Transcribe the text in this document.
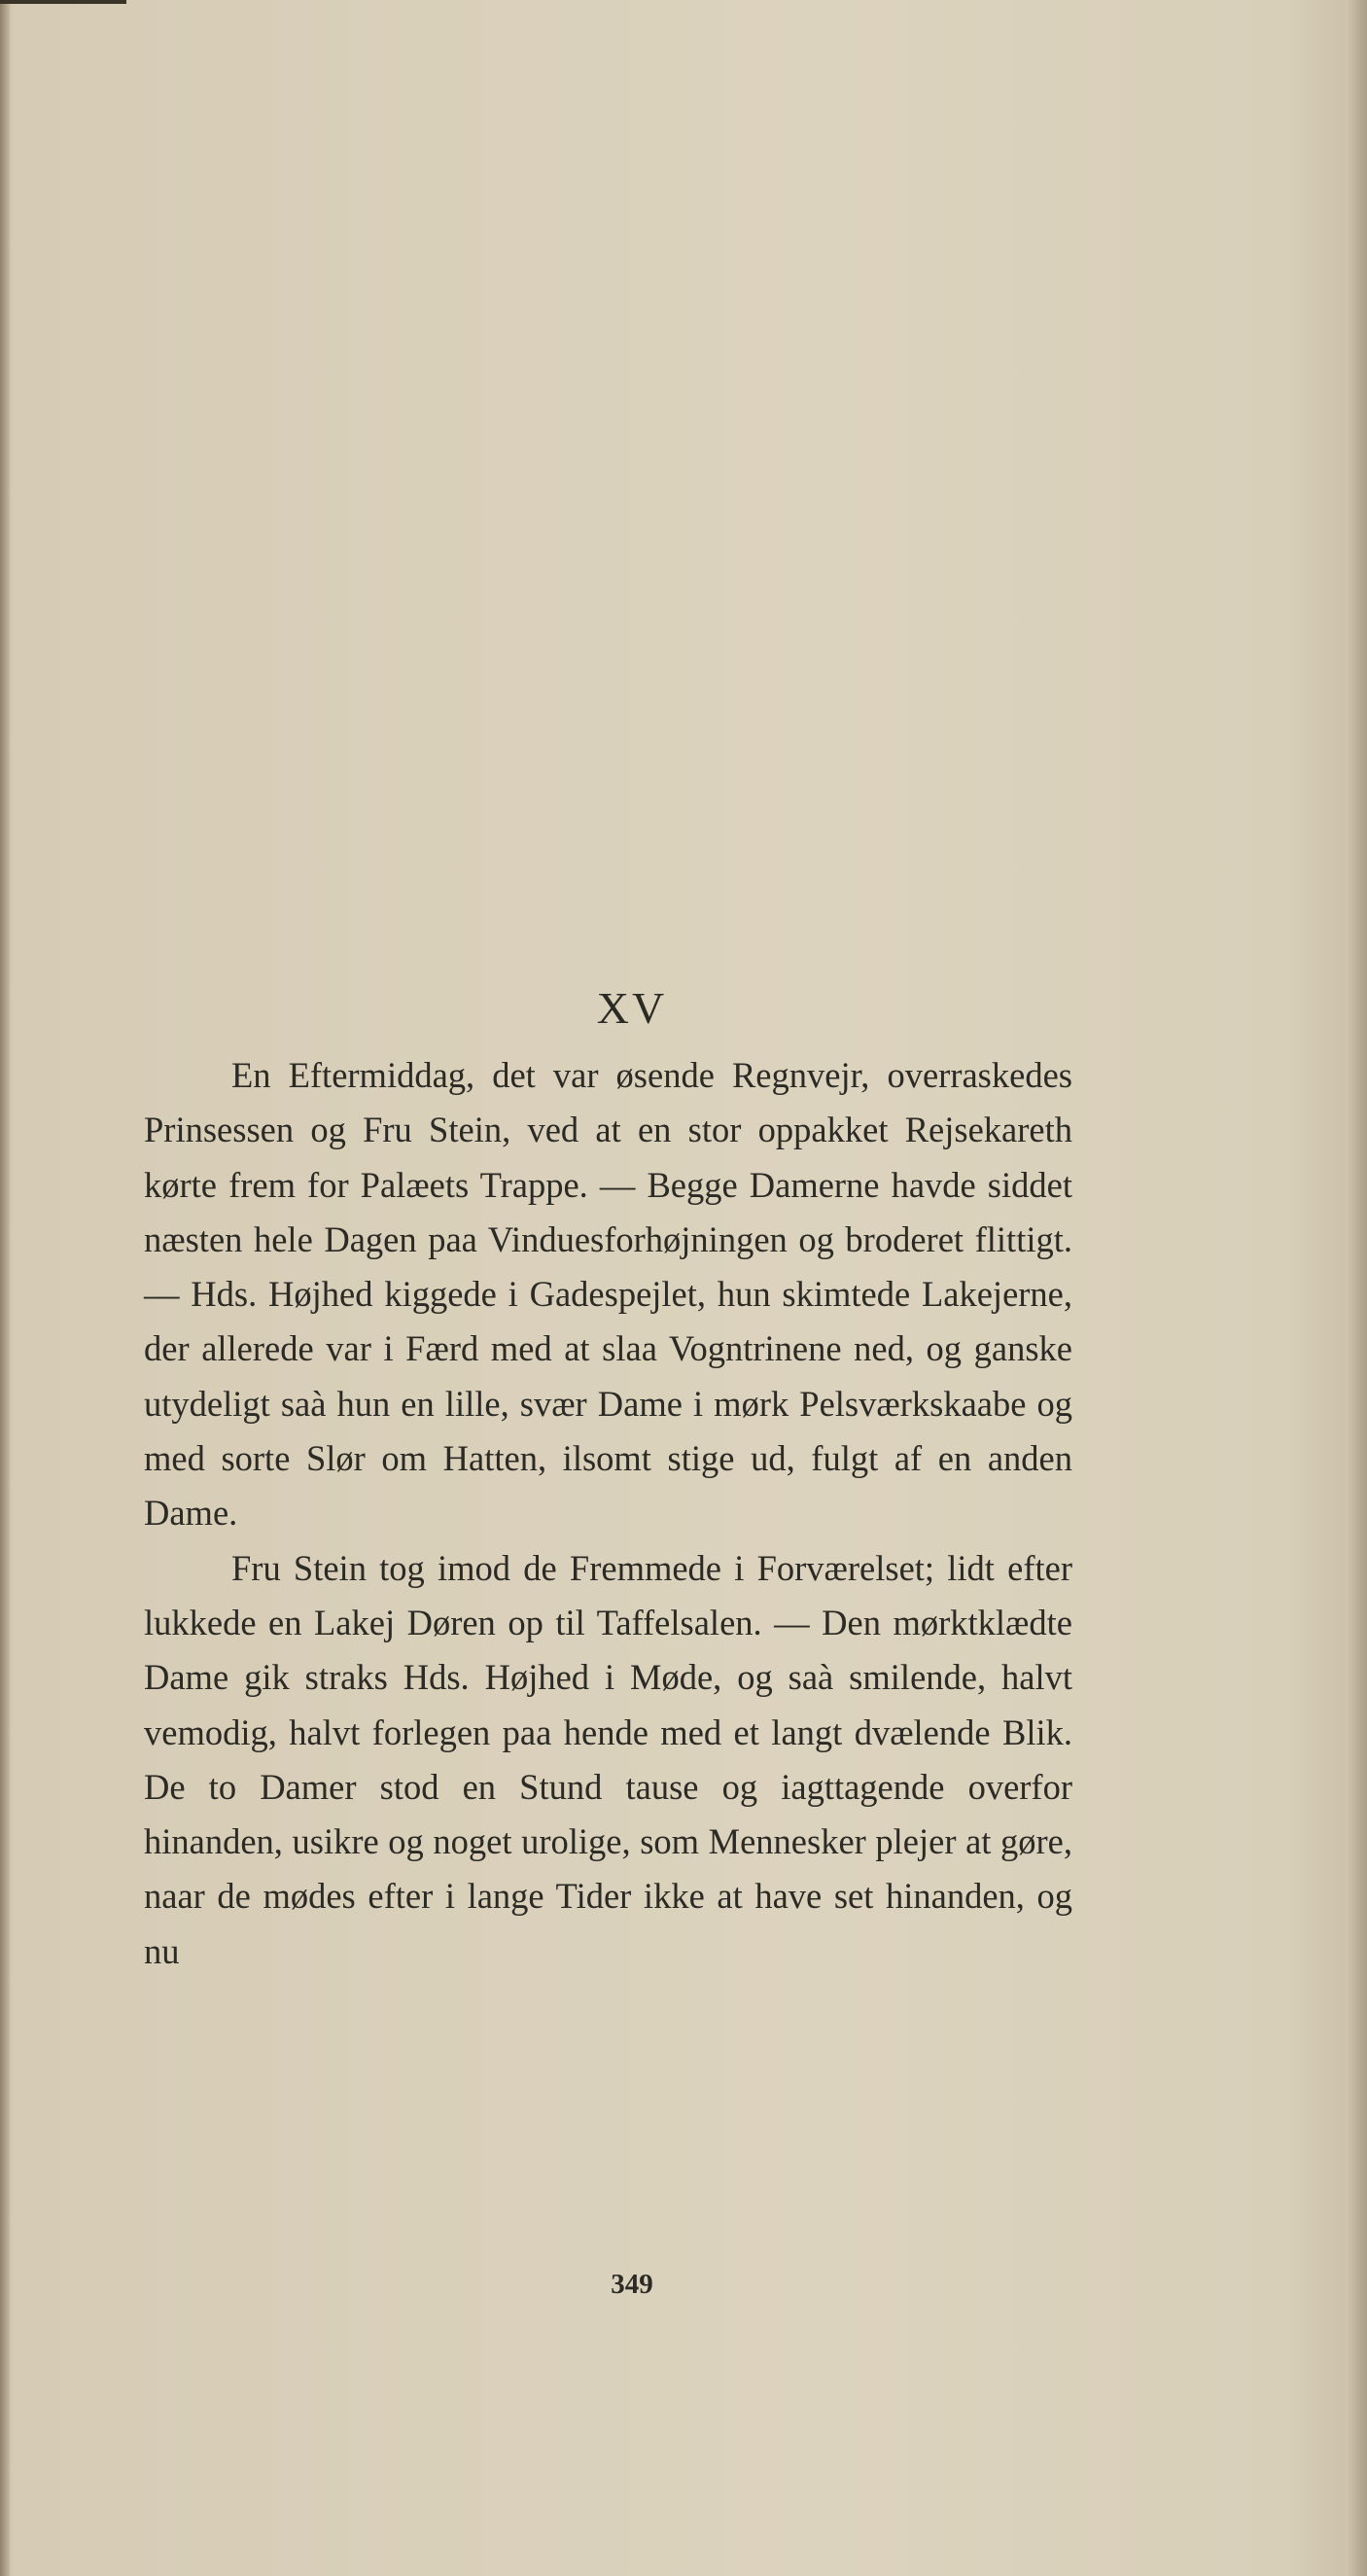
XV

En Eftermiddag, det var øsende Regnvejr, overraskedes Prinsessen og Fru Stein, ved at en stor oppakket Rejsekareth kørte frem for Palæets Trappe. — Begge Damerne havde siddet næsten hele Dagen paa Vinduesforhøjningen og broderet flittigt. — Hds. Højhed kiggede i Gadespejlet, hun skimtede Lakejerne, der allerede var i Færd med at slaa Vogntrinene ned, og ganske utydeligt saà hun en lille, svær Dame i mørk Pelsværkskaabe og med sorte Slør om Hatten, ilsomt stige ud, fulgt af en anden Dame.

Fru Stein tog imod de Fremmede i Forværelset; lidt efter lukkede en Lakej Døren op til Taffelsalen. — Den mørktklædte Dame gik straks Hds. Højhed i Møde, og saà smilende, halvt vemodig, halvt forlegen paa hende med et langt dvælende Blik. De to Damer stod en Stund tause og iagttagende overfor hinanden, usikre og noget urolige, som Mennesker plejer at gøre, naar de mødes efter i lange Tider ikke at have set hinanden, og nu

349
